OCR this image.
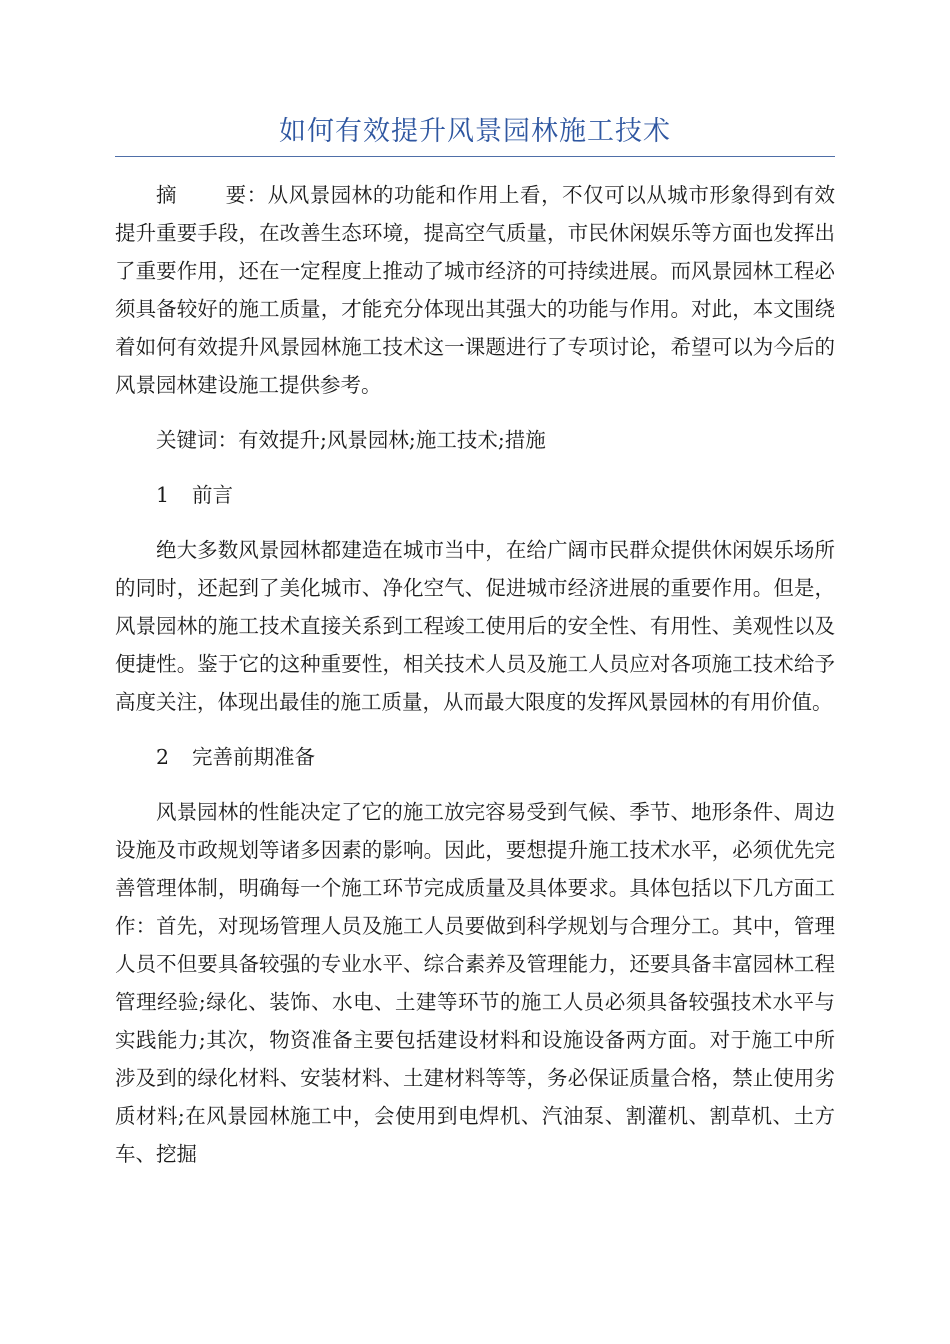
如何有效提升风景园林施工技术

摘 要：从风景园林的功能和作用上看，不仅可以从城市形象得到有效提升重要手段，在改善生态环境，提高空气质量，市民休闲娱乐等方面也发挥出了重要作用，还在一定程度上推动了城市经济的可持续进展。而风景园林工程必须具备较好的施工质量，才能充分体现出其强大的功能与作用。对此，本文围绕着如何有效提升风景园林施工技术这一课题进行了专项讨论，希望可以为今后的风景园林建设施工提供参考。

关键词：有效提升;风景园林;施工技术;措施

1 前言

绝大多数风景园林都建造在城市当中，在给广阔市民群众提供休闲娱乐场所的同时，还起到了美化城市、净化空气、促进城市经济进展的重要作用。但是，风景园林的施工技术直接关系到工程竣工使用后的安全性、有用性、美观性以及便捷性。鉴于它的这种重要性，相关技术人员及施工人员应对各项施工技术给予高度关注，体现出最佳的施工质量，从而最大限度的发挥风景园林的有用价值。

2 完善前期准备

风景园林的性能决定了它的施工放完容易受到气候、季节、地形条件、周边设施及市政规划等诸多因素的影响。因此，要想提升施工技术水平，必须优先完善管理体制，明确每一个施工环节完成质量及具体要求。具体包括以下几方面工作：首先，对现场管理人员及施工人员要做到科学规划与合理分工。其中，管理人员不但要具备较强的专业水平、综合素养及管理能力，还要具备丰富园林工程管理经验;绿化、装饰、水电、土建等环节的施工人员必须具备较强技术水平与实践能力;其次，物资准备主要包括建设材料和设施设备两方面。对于施工中所涉及到的绿化材料、安装材料、土建材料等等，务必保证质量合格，禁止使用劣质材料;在风景园林施工中，会使用到电焊机、汽油泵、割灌机、割草机、土方车、挖掘
